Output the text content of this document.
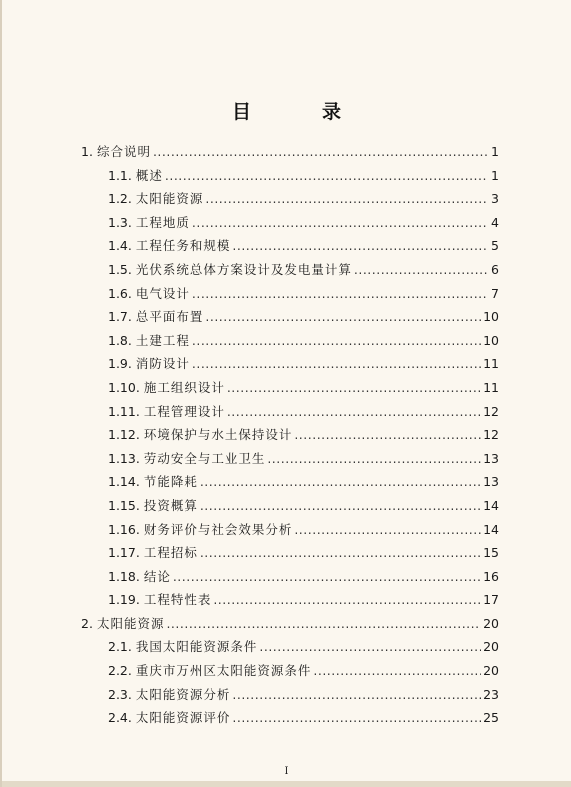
目　录
1. 综合说明 .....	1
1.1. 概述 .....	1
1.2. 太阳能资源 .....	3
1.3. 工程地质 .....	4
1.4. 工程任务和规模 .....	5
1.5. 光伏系统总体方案设计及发电量计算 .....	6
1.6. 电气设计 .....	7
1.7. 总平面布置 .....	10
1.8. 土建工程 .....	10
1.9. 消防设计 .....	11
1.10. 施工组织设计 .....	11
1.11. 工程管理设计 .....	12
1.12. 环境保护与水土保持设计 .....	12
1.13. 劳动安全与工业卫生 .....	13
1.14. 节能降耗 .....	13
1.15. 投资概算 .....	14
1.16. 财务评价与社会效果分析 .....	14
1.17. 工程招标 .....	15
1.18. 结论 .....	16
1.19. 工程特性表 .....	17
2. 太阳能资源 .....	20
2.1. 我国太阳能资源条件 .....	20
2.2. 重庆市万州区太阳能资源条件 .....	20
2.3. 太阳能资源分析 .....	23
2.4. 太阳能资源评价 .....	25
I
